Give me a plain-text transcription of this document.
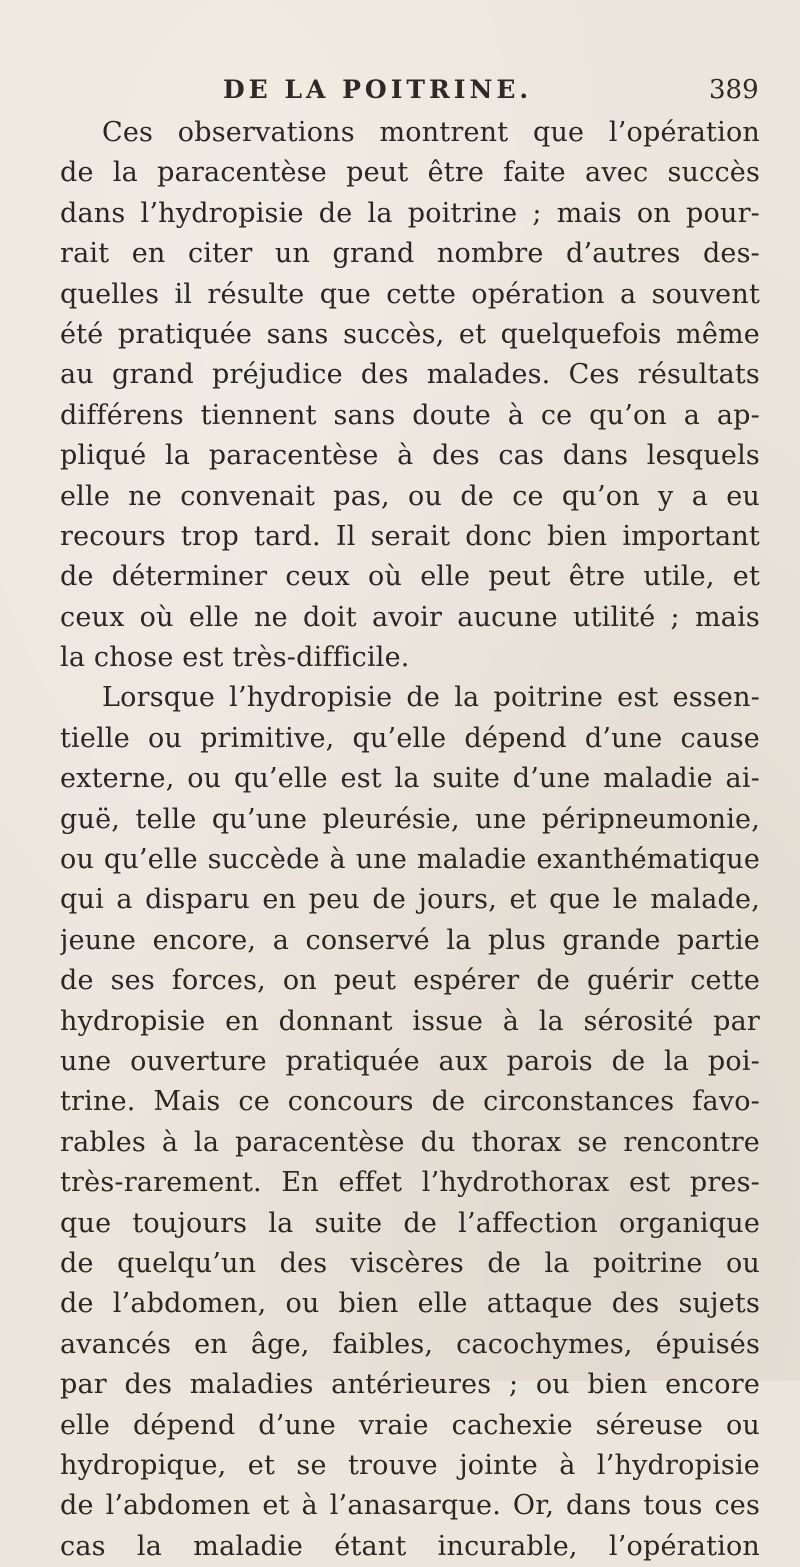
DE LA POITRINE.	389
Ces observations montrent que l’opération
de la paracentèse peut être faite avec succès
dans l’hydropisie de la poitrine ; mais on pour-
rait en citer un grand nombre d’autres des-
quelles il résulte que cette opération a souvent
été pratiquée sans succès, et quelquefois même
au grand préjudice des malades. Ces résultats
différens tiennent sans doute à ce qu’on a ap-
pliqué la paracentèse à des cas dans lesquels
elle ne convenait pas, ou de ce qu’on y a eu
recours trop tard. Il serait donc bien important
de déterminer ceux où elle peut être utile, et
ceux où elle ne doit avoir aucune utilité ; mais
la chose est très-difficile.
Lorsque l’hydropisie de la poitrine est essen-
tielle ou primitive, qu’elle dépend d’une cause
externe, ou qu’elle est la suite d’une maladie ai-
guë, telle qu’une pleurésie, une péripneumonie,
ou qu’elle succède à une maladie exanthématique
qui a disparu en peu de jours, et que le malade,
jeune encore, a conservé la plus grande partie
de ses forces, on peut espérer de guérir cette
hydropisie en donnant issue à la sérosité par
une ouverture pratiquée aux parois de la poi-
trine. Mais ce concours de circonstances favo-
rables à la paracentèse du thorax se rencontre
très-rarement. En effet l’hydrothorax est pres-
que toujours la suite de l’affection organique
de quelqu’un des viscères de la poitrine ou
de l’abdomen, ou bien elle attaque des sujets
avancés en âge, faibles, cacochymes, épuisés
par des maladies antérieures ; ou bien encore
elle dépend d’une vraie cachexie séreuse ou
hydropique, et se trouve jointe à l’hydropisie
de l’abdomen et à l’anasarque. Or, dans tous ces
cas la maladie étant incurable, l’opération
